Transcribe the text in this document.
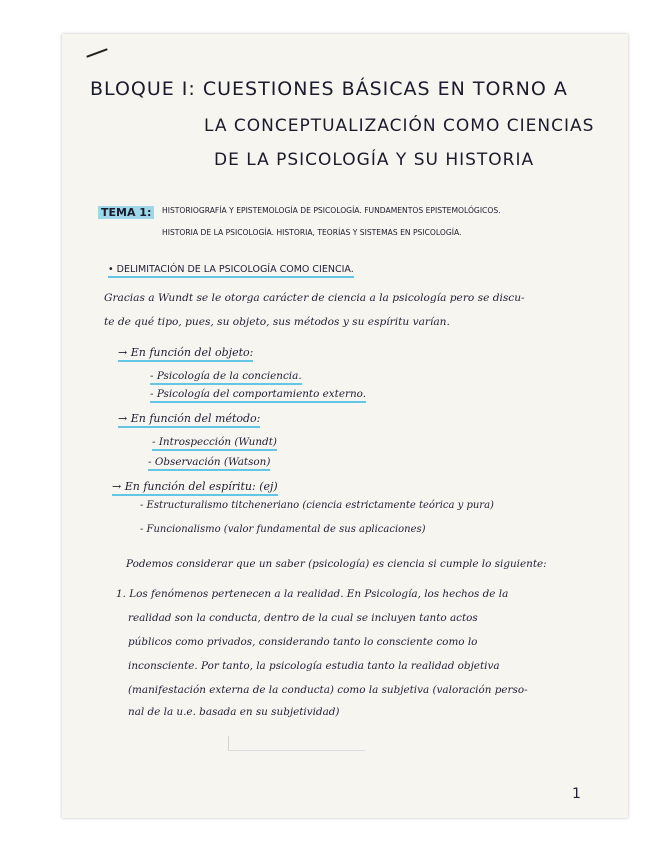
BLOQUE I: CUESTIONES BÁSICAS EN TORNO A
LA CONCEPTUALIZACIÓN COMO CIENCIAS
DE LA PSICOLOGÍA Y SU HISTORIA
TEMA 1:	HISTORIOGRAFÍA Y EPISTEMOLOGÍA DE PSICOLOGÍA. FUNDAMENTOS EPISTEMOLÓGICOS.
HISTORIA DE LA PSICOLOGÍA. HISTORIA, TEORÍAS Y SISTEMAS EN PSICOLOGÍA.
• DELIMITACIÓN DE LA PSICOLOGÍA COMO CIENCIA.
Gracias a Wundt se le otorga carácter de ciencia a la psicología pero se discu-
te de qué tipo, pues, su objeto, sus métodos y su espíritu varían.
→ En función del objeto:
- Psicología de la conciencia.
- Psicología del comportamiento externo.
→ En función del método:
- Introspección (Wundt)
- Observación (Watson)
→ En función del espíritu: (ej)
- Estructuralismo titcheneriano (ciencia estrictamente teórica y pura)
- Funcionalismo (valor fundamental de sus aplicaciones)
Podemos considerar que un saber (psicología) es ciencia si cumple lo siguiente:
1. Los fenómenos pertenecen a la realidad. En Psicología, los hechos de la
realidad son la conducta, dentro de la cual se incluyen tanto actos
públicos como privados, considerando tanto lo consciente como lo
inconsciente. Por tanto, la psicología estudia tanto la realidad objetiva
(manifestación externa de la conducta) como la subjetiva (valoración perso-
nal de la u.e. basada en su subjetividad)
1
